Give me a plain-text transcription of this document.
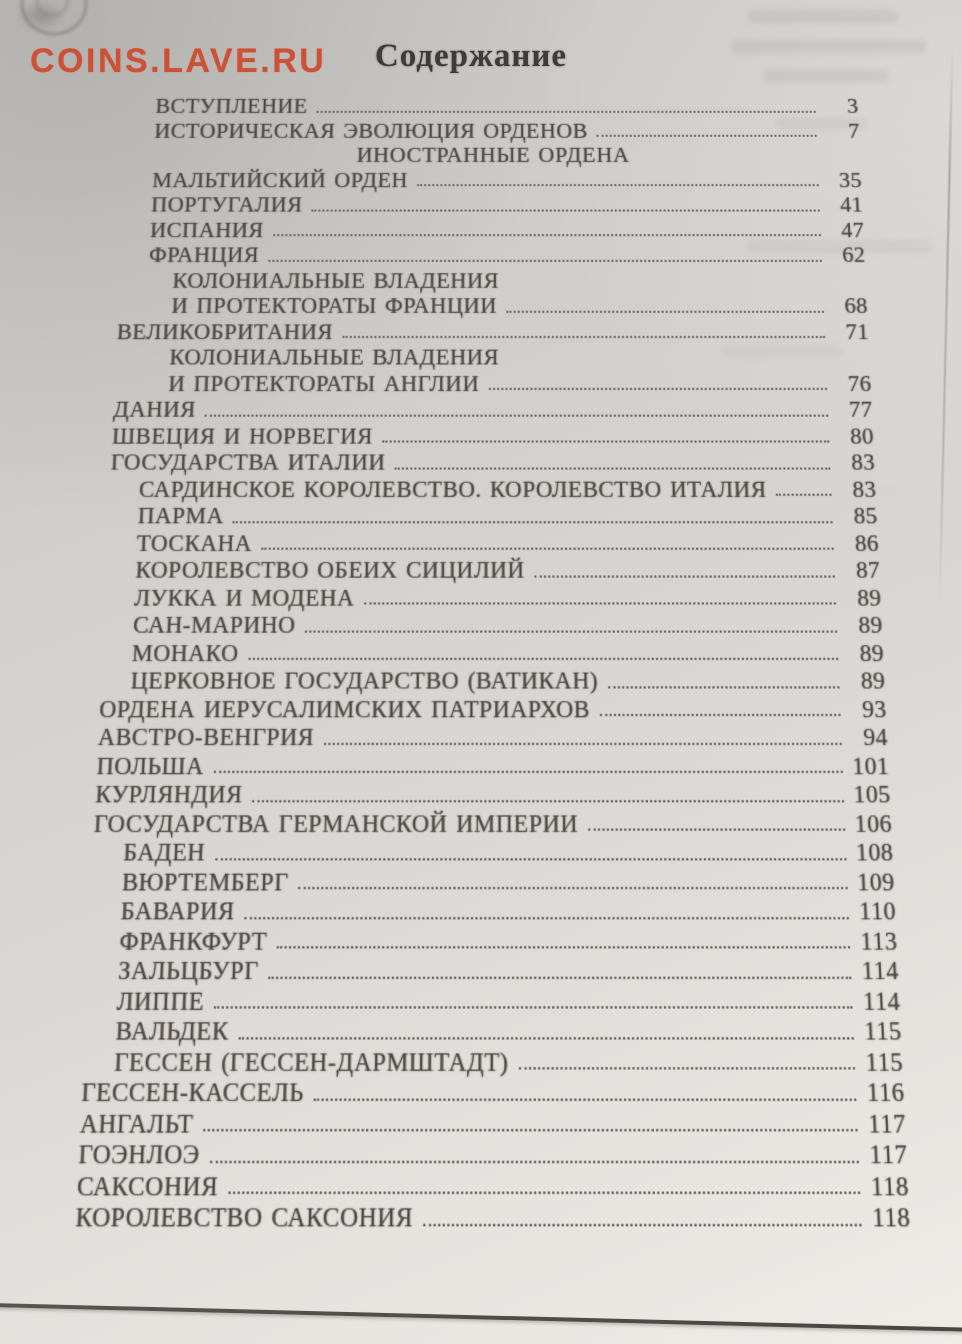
COINS.LAVE.RU	Содержание
ВСТУПЛЕНИЕ	3
ИСТОРИЧЕСКАЯ ЭВОЛЮЦИЯ ОРДЕНОВ	7
ИНОСТРАННЫЕ ОРДЕНА
МАЛЬТИЙСКИЙ ОРДЕН	35
ПОРТУГАЛИЯ	41
ИСПАНИЯ	47
ФРАНЦИЯ	62
КОЛОНИАЛЬНЫЕ ВЛАДЕНИЯ
И ПРОТЕКТОРАТЫ ФРАНЦИИ	68
ВЕЛИКОБРИТАНИЯ	71
КОЛОНИАЛЬНЫЕ ВЛАДЕНИЯ
И ПРОТЕКТОРАТЫ АНГЛИИ	76
ДАНИЯ	77
ШВЕЦИЯ И НОРВЕГИЯ	80
ГОСУДАРСТВА ИТАЛИИ	83
САРДИНСКОЕ КОРОЛЕВСТВО. КОРОЛЕВСТВО ИТАЛИЯ	83
ПАРМА	85
ТОСКАНА	86
КОРОЛЕВСТВО ОБЕИХ СИЦИЛИЙ	87
ЛУККА И МОДЕНА	89
САН-МАРИНО	89
МОНАКО	89
ЦЕРКОВНОЕ ГОСУДАРСТВО (ВАТИКАН)	89
ОРДЕНА ИЕРУСАЛИМСКИХ ПАТРИАРХОВ	93
АВСТРО-ВЕНГРИЯ	94
ПОЛЬША	101
КУРЛЯНДИЯ	105
ГОСУДАРСТВА ГЕРМАНСКОЙ ИМПЕРИИ	106
БАДЕН	108
ВЮРТЕМБЕРГ	109
БАВАРИЯ	110
ФРАНКФУРТ	113
ЗАЛЬЦБУРГ	114
ЛИППЕ	114
ВАЛЬДЕК	115
ГЕССЕН (ГЕССЕН-ДАРМШТАДТ)	115
ГЕССЕН-КАССЕЛЬ	116
АНГАЛЬТ	117
ГОЭНЛОЭ	117
САКСОНИЯ	118
КОРОЛЕВСТВО САКСОНИЯ	118
